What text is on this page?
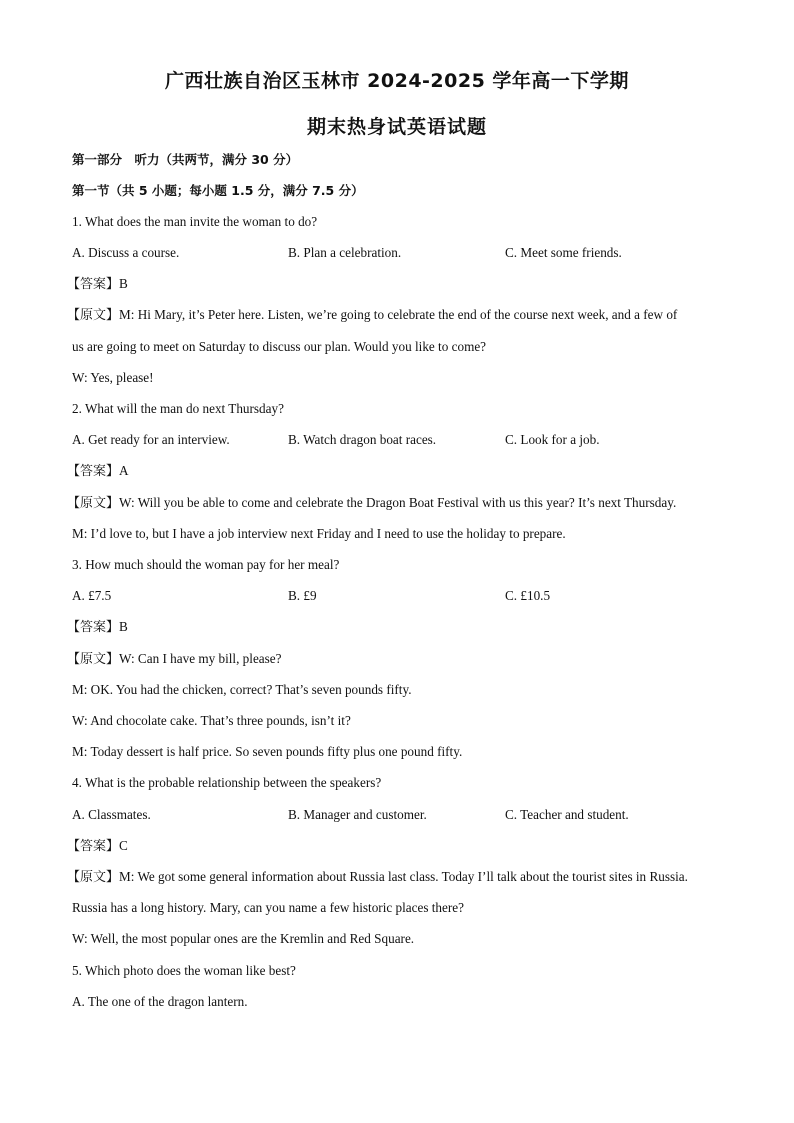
广西壮族自治区玉林市 2024-2025 学年高一下学期
期末热身试英语试题
第一部分　听力（共两节，满分 30 分）
第一节（共 5 小题；每小题 1.5 分，满分 7.5 分）
1. What does the man invite the woman to do?
A. Discuss a course.	B. Plan a celebration.	C. Meet some friends.
【答案】B
【原文】M: Hi Mary, it’s Peter here. Listen, we’re going to celebrate the end of the course next week, and a few of
us are going to meet on Saturday to discuss our plan. Would you like to come?
W: Yes, please!
2. What will the man do next Thursday?
A. Get ready for an interview.	B. Watch dragon boat races.	C. Look for a job.
【答案】A
【原文】W: Will you be able to come and celebrate the Dragon Boat Festival with us this year? It’s next Thursday.
M: I’d love to, but I have a job interview next Friday and I need to use the holiday to prepare.
3. How much should the woman pay for her meal?
A. £7.5	B. £9	C. £10.5
【答案】B
【原文】W: Can I have my bill, please?
M: OK. You had the chicken, correct? That’s seven pounds fifty.
W: And chocolate cake. That’s three pounds, isn’t it?
M: Today dessert is half price. So seven pounds fifty plus one pound fifty.
4. What is the probable relationship between the speakers?
A. Classmates.	B. Manager and customer.	C. Teacher and student.
【答案】C
【原文】M: We got some general information about Russia last class. Today I’ll talk about the tourist sites in Russia.
Russia has a long history. Mary, can you name a few historic places there?
W: Well, the most popular ones are the Kremlin and Red Square.
5. Which photo does the woman like best?
A. The one of the dragon lantern.
